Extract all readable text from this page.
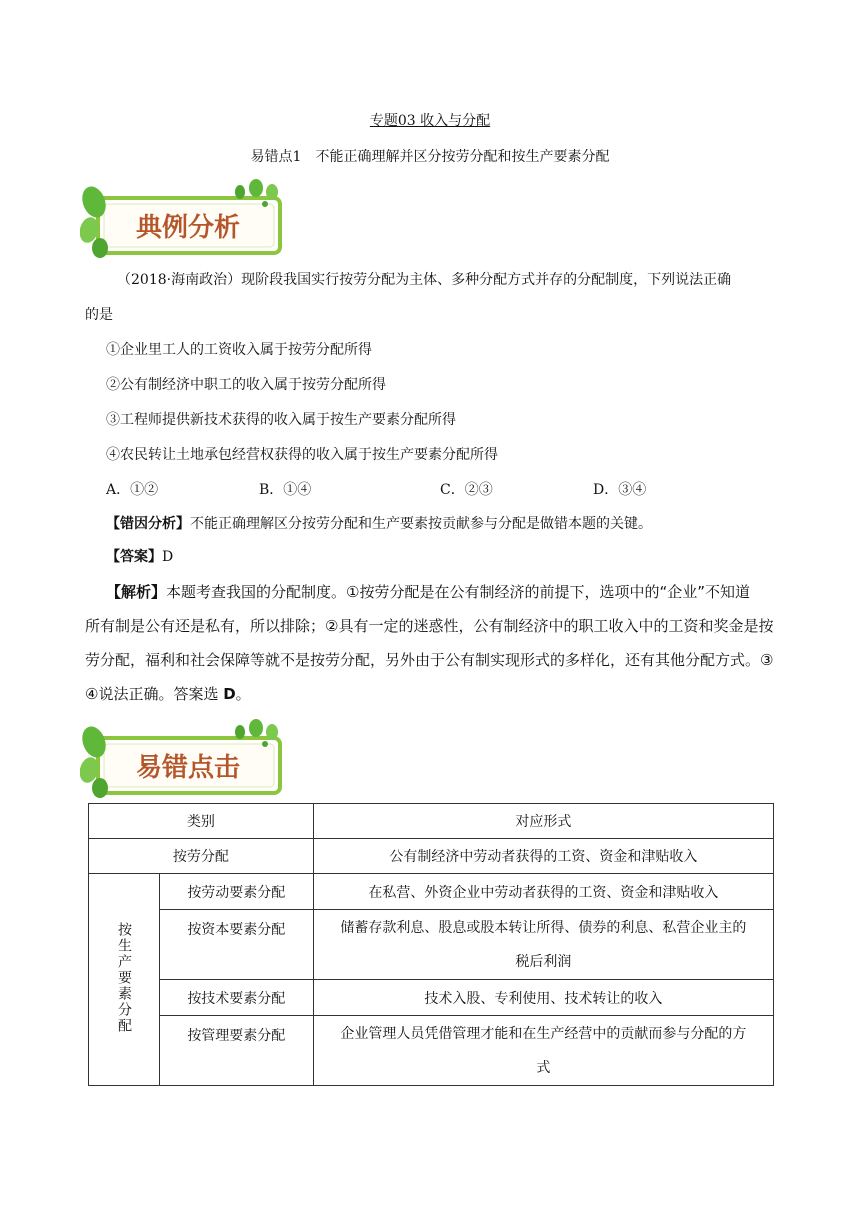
专题03 收入与分配
易错点1　不能正确理解并区分按劳分配和按生产要素分配
典例分析
（2018·海南政治）现阶段我国实行按劳分配为主体、多种分配方式并存的分配制度，下列说法正确
的是
①企业里工人的工资收入属于按劳分配所得
②公有制经济中职工的收入属于按劳分配所得
③工程师提供新技术获得的收入属于按生产要素分配所得
④农民转让土地承包经营权获得的收入属于按生产要素分配所得
A．①②	B．①④	C．②③	D．③④
【错因分析】不能正确理解区分按劳分配和生产要素按贡献参与分配是做错本题的关键。
【答案】D
【解析】本题考查我国的分配制度。①按劳分配是在公有制经济的前提下，选项中的“企业”不知道
所有制是公有还是私有，所以排除；②具有一定的迷惑性，公有制经济中的职工收入中的工资和奖金是按
劳分配，福利和社会保障等就不是按劳分配，另外由于公有制实现形式的多样化，还有其他分配方式。③
④说法正确。答案选 D。
易错点击
类别		对应形式
按劳分配		公有制经济中劳动者获得的工资、资金和津贴收入
按生产要素分配	按劳动要素分配	在私营、外资企业中劳动者获得的工资、资金和津贴收入
	按资本要素分配	储蓄存款利息、股息或股本转让所得、债券的利息、私营企业主的
税后利润

	按技术要素分配	技术入股、专利使用、技术转让的收入
	按管理要素分配	企业管理人员凭借管理才能和在生产经营中的贡献而参与分配的方
式
